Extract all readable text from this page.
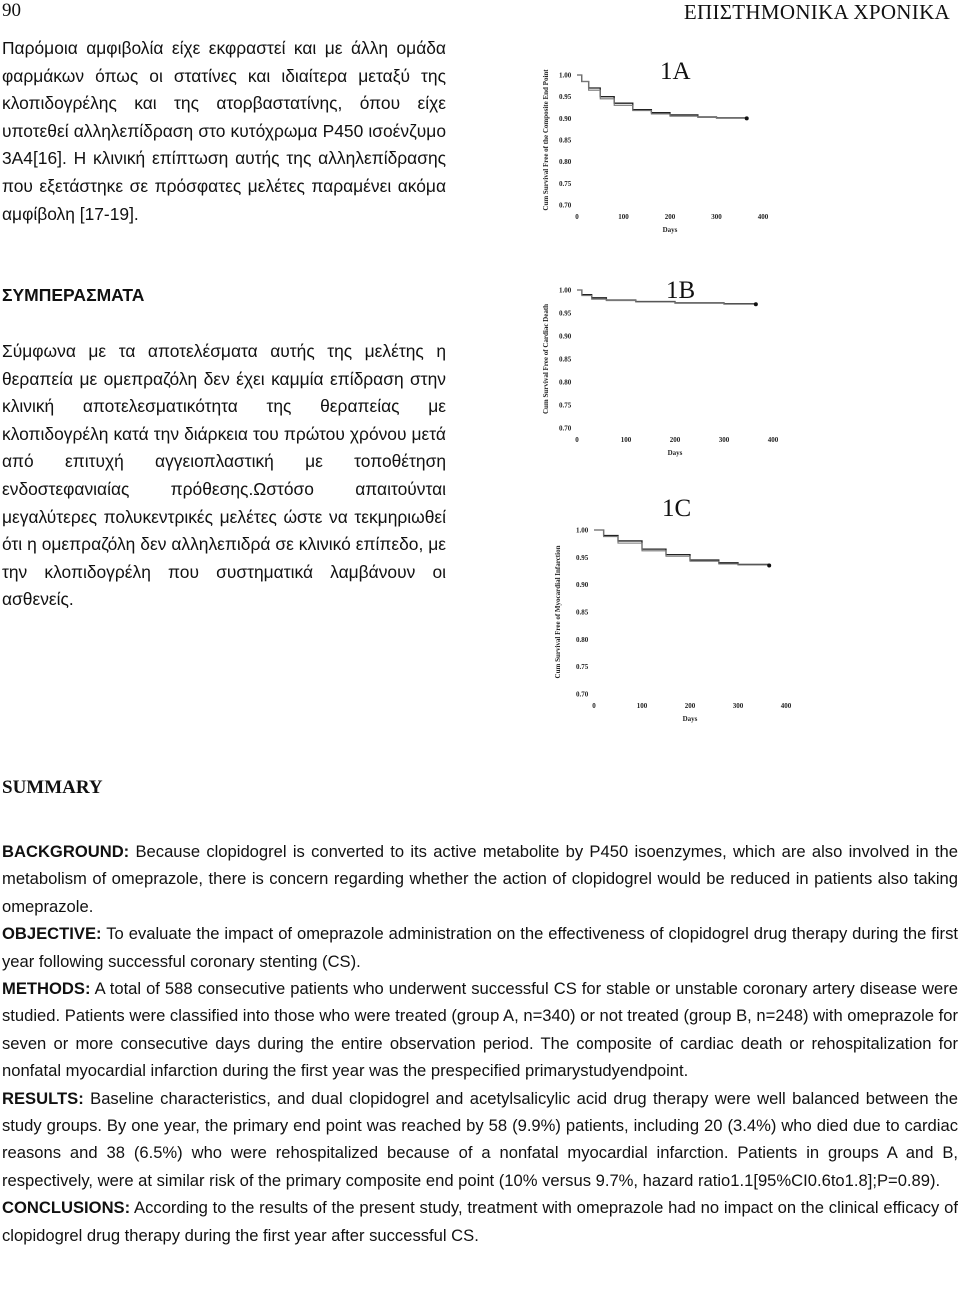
90	ΕΠΙΣΤΗΜΟΝΙΚΑ ΧΡΟΝΙΚΑ
Παρόμοια αμφιβολία είχε εκφραστεί και με άλλη ομάδα φαρμάκων όπως οι στατίνες και ιδιαίτερα μεταξύ της κλοπιδογρέλης και της ατορβαστατίνης, όπου είχε υποτεθεί αλληλεπίδραση στο κυτόχρωμα P450 ισοένζυμο 3Α4[16]. Η κλινική επίπτωση αυτής της αλληλεπίδρασης που εξετάστηκε σε πρόσφατες μελέτες παραμένει ακόμα αμφίβολη [17-19].
ΣΥΜΠΕΡΑΣΜΑΤΑ
Σύμφωνα με τα αποτελέσματα αυτής της μελέτης η θεραπεία με ομεπραζόλη δεν έχει καμμία επίδραση στην κλινική αποτελεσματικότητα της θεραπείας με κλοπιδογρέλη κατά την διάρκεια του πρώτου χρόνου μετά από επιτυχή αγγειοπλαστική με τοποθέτηση ενδοστεφανιαίας πρόθεσης.Ωστόσο απαιτούνται μεγαλύτερες πολυκεντρικές μελέτες ώστε να τεκμηριωθεί ότι η ομεπραζόλη δεν αλληλεπιδρά σε κλινικό επίπεδο, με την κλοπιδογρέλη που συστηματικά λαμβάνουν οι ασθενείς.
1A
Cum Survival Free of the Composite End Point 1.00
0.95
0.90
0.85
0.80
0.75
0.70
0	100	200	300	400
Days
1B
Cum Survival Free of Cardiac Death
1.00
0.95
0.90
0.85
0.80
0.75
0.70
0	100	200	300	400
Days
1C
Cum Survival Free of Myocardial Infarction
1.00
0.95
0.90
0.85
0.80
0.75
0.70
0	100	200	300	400
Days
SUMMARY

BACKGROUND: Because clopidogrel is converted to its active metabolite by P450 isoenzymes, which are also involved in the metabolism of omeprazole, there is concern regarding whether the action of clopidogrel would be reduced in patients also taking omeprazole.

OBJECTIVE: To evaluate the impact of omeprazole administration on the effectiveness of clopidogrel drug therapy during the first year following successful coronary stenting (CS).

METHODS: A total of 588 consecutive patients who underwent successful CS for stable or unstable coronary artery disease were studied. Patients were classified into those who were treated (group A, n=340) or not treated (group B, n=248) with omeprazole for seven or more consecutive days during the entire observation period. The composite of cardiac death or rehospitalization for nonfatal myocardial infarction during the first year was the prespecified primarystudyendpoint.

RESULTS: Baseline characteristics, and dual clopidogrel and acetylsalicylic acid drug therapy were well balanced between the study groups. By one year, the primary end point was reached by 58 (9.9%) patients, including 20 (3.4%) who died due to cardiac reasons and 38 (6.5%) who were rehospitalized because of a nonfatal myocardial infarction. Patients in groups A and B, respectively, were at similar risk of the primary composite end point (10% versus 9.7%, hazard ratio1.1[95%CI0.6to1.8];P=0.89).

CONCLUSIONS: According to the results of the present study, treatment with omeprazole had no impact on the clinical efficacy of clopidogrel drug therapy during the first year after successful CS.
